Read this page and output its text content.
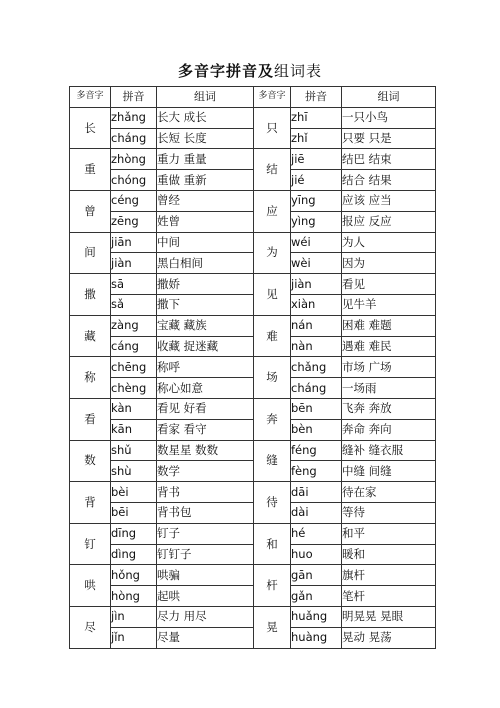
多音字拼音及组词表
多音字	拼音	组词	多音字	拼音	组词
长	zhǎng	长大 成长	只	zhī	一只小鸟
	cháng	长短 长度		zhǐ	只要 只是
重	zhòng	重力 重量	结	jiē	结巴 结束
	chóng	重做 重新		jié	结合 结果
曾	céng	曾经	应	yīng	应该 应当
	zēng	姓曾		yìng	报应 反应
间	jiān	中间	为	wéi	为人
	jiàn	黑白相间		wèi	因为
撒	sā	撒娇	见	jiàn	看见
	sǎ	撒下		xiàn	见牛羊
藏	zàng	宝藏 藏族	难	nán	困难 难题
	cáng	收藏 捉迷藏		nàn	遇难 难民
称	chēng	称呼	场	chǎng	市场 广场
	chèng	称心如意		cháng	一场雨
看	kàn	看见 好看	奔	bēn	飞奔 奔放
	kān	看家 看守		bèn	奔命 奔向
数	shǔ	数星星 数数	缝	féng	缝补 缝衣服
	shù	数学		fèng	中缝 间缝
背	bèi	背书	待	dāi	待在家
	bēi	背书包		dài	等待
钉	dīng	钉子	和	hé	和平
	dìng	钉钉子		huo	暖和
哄	hǒng	哄骗	杆	gān	旗杆
	hòng	起哄		gǎn	笔杆
尽	jìn	尽力 用尽	晃	huǎng	明晃晃 晃眼
	jǐn	尽量		huàng	晃动 晃荡
